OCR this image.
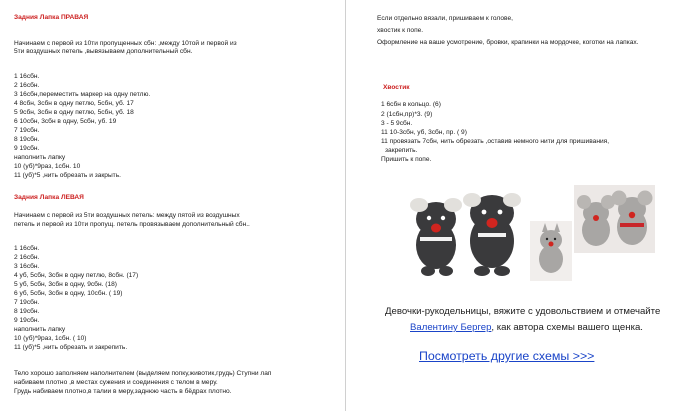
Задния Лапка ПРАВАЯ
Начинаем с первой из 10ти пропущенных сбн: ,между 10той и первой из
5ти воздушных петель ,вывязываем дополнительный сбн.
1 16сбн.
2 16сбн.
3 16сбн,переместить маркер на одну петлю.
4 8сбн, 3сбн в одну петлю, 5сбн, уб. 17
5 9сбн, 3сбн в одну петлю, 5сбн, уб. 18
6 10сбн, 3сбн в одну, 5сбн, уб. 19
7 19сбн.
8 19сбн.
9 19сбн.
наполнить лапку
10 (уб)*9раз, 1сбн. 10
11 (уб)*5 ,нить обрезать и закрыть.
Задния Лапка ЛЕВАЯ
Начинаем с первой из 5ти воздушных петель: между пятой из воздушных
петель и первой из 10ти пропущ. петель провязываем дополнительный сбн..
1 16сбн.
2 16сбн.
3 16сбн.
4 уб, 5сбн, 3сбн в одну петлю, 8сбн. (17)
5 уб, 5сбн, 3сбн в одну, 9сбн. (18)
6 уб, 5сбн, 3сбн в одну, 10сбн. ( 19)
7 19сбн.
8 19сбн.
9 19сбн.
наполнить лапку
10 (уб)*9раз, 1сбн. ( 10)
11 (уб)*5 ,нить обрезать и закрепить.
Тело хорошо заполняем наполнителем (выделяем попку,животик,грудь) Ступни лап
набиваем плотно ,в местах сужения и соединения с телом в меру.
Грудь набиваем плотно,в талии в меру,заднюю часть в бёдрах плотно.
Если отдельно вязали, пришиваем к голове,
хвостик к попе.
Оформление на ваше усмотрение, бровки, крапинки на мордочке, коготки на лапках.
Хвостик
1 6сбн в кольцо. (6)
2 (1сбн,пр)*3. (9)
3 - 5 9сбн.
11 10-3сбн, уб, 3сбн, пр. ( 9)
11 провязать 7сбн, нить обрезать ,оставив немного нити для пришивания,
закрепить.
Пришить к попе.
Девочки-рукодельницы, вяжите с удовольствием и отмечайте
Валентину Бергер, как автора схемы вашего щенка.
Посмотреть другие схемы >>>
